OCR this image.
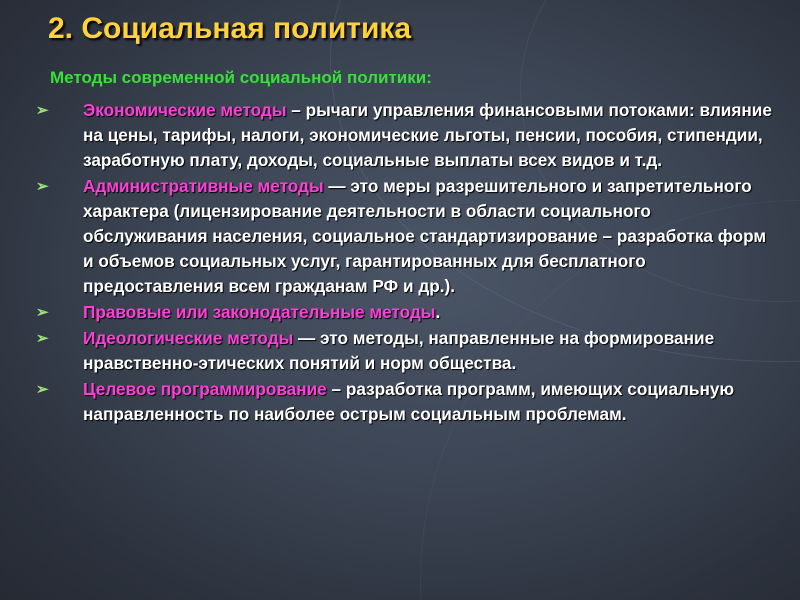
2. Социальная политика
Методы современной социальной политики:
➢	Экономические методы – рычаги управления финансовыми потоками: влияние на цены, тарифы, налоги, экономические льготы, пенсии, пособия, стипендии, заработную плату, доходы, социальные выплаты всех видов и т.д.
➢	Административные методы — это меры разрешительного и запретительного характера (лицензирование деятельности в области социального обслуживания населения, социальное стандартизирование – разработка форм и объемов социальных услуг, гарантированных для бесплатного предоставления всем гражданам РФ и др.).
➢	Правовые или законодательные методы.
➢	Идеологические методы — это методы, направленные на формирование нравственно-этических понятий и норм общества.
➢	Целевое программирование – разработка программ, имеющих социальную направленность по наиболее острым социальным проблемам.
